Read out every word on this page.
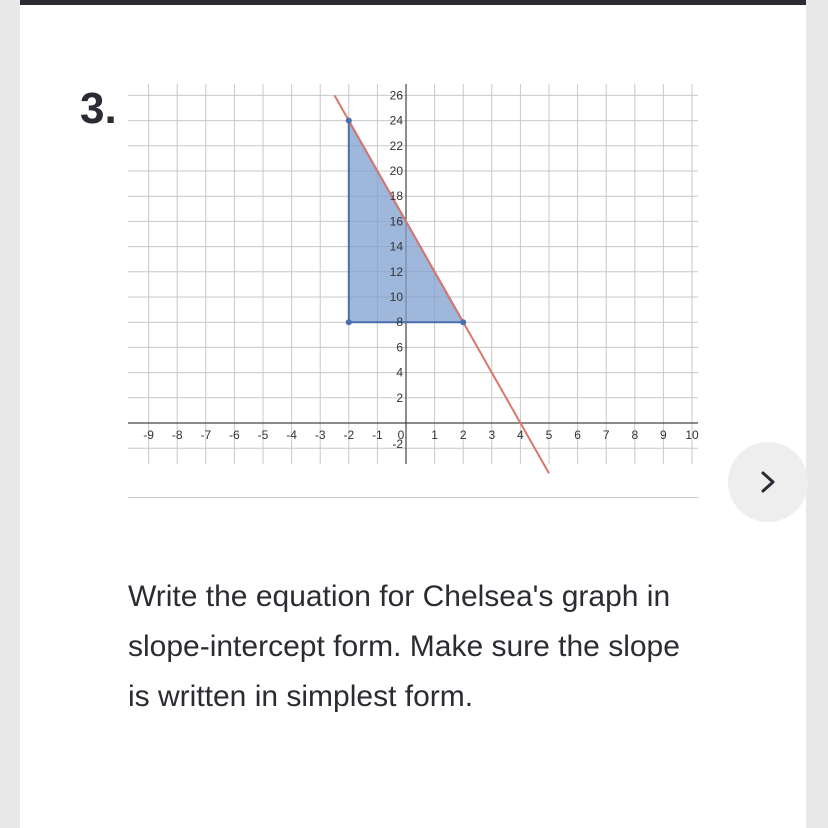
3.
-9 -8 -7 -6 -5 -4 -3 -2 -1 0 1 2 3 4 5 6 7 8 9 10
26
24
22
20
18
16
14
12
10
8
6
4
2
-2
Write the equation for Chelsea's graph in slope-intercept form. Make sure the slope is written in simplest form.
